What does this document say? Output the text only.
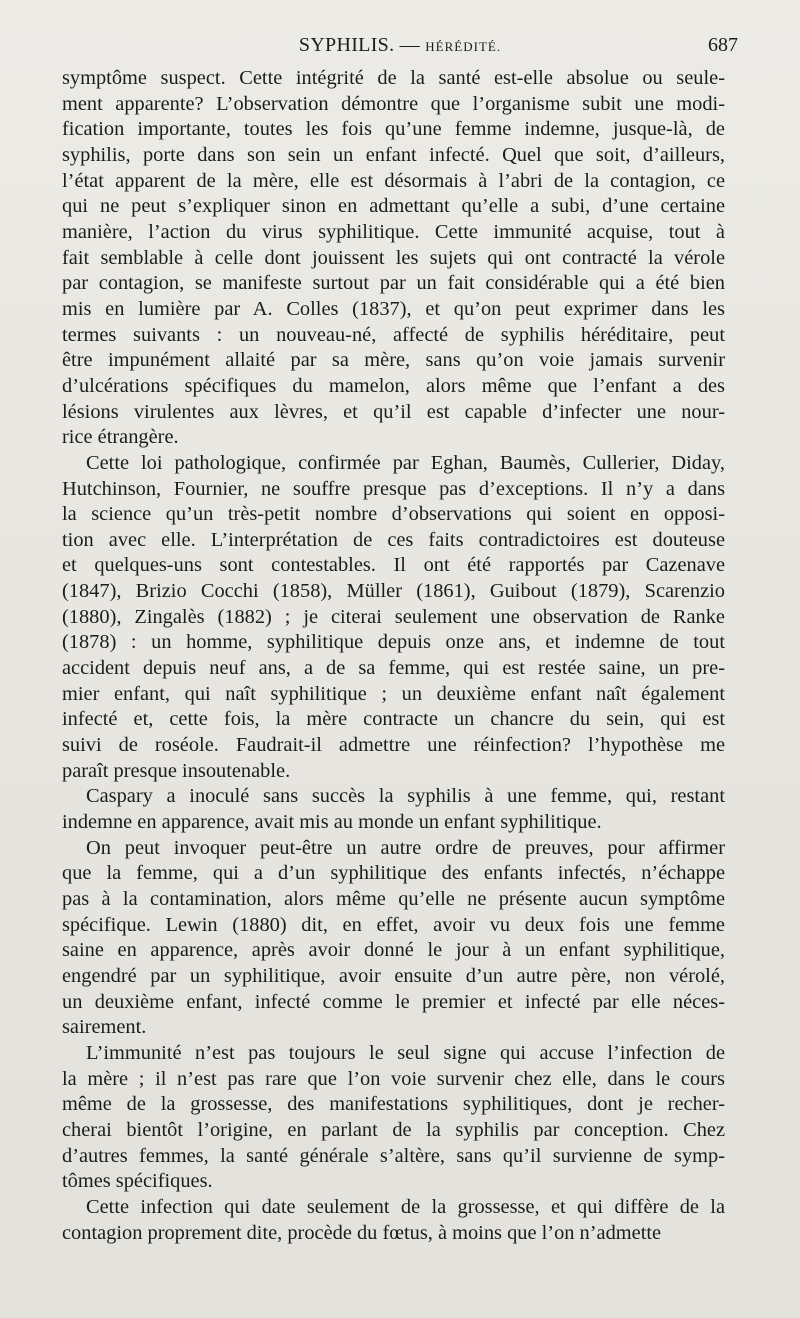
SYPHILIS. — HÉRÉDITÉ.	687
symptôme suspect. Cette intégrité de la santé est-elle absolue ou seule-
ment apparente? L’observation démontre que l’organisme subit une modi-
fication importante, toutes les fois qu’une femme indemne, jusque-là, de
syphilis, porte dans son sein un enfant infecté. Quel que soit, d’ailleurs,
l’état apparent de la mère, elle est désormais à l’abri de la contagion, ce
qui ne peut s’expliquer sinon en admettant qu’elle a subi, d’une certaine
manière, l’action du virus syphilitique. Cette immunité acquise, tout à
fait semblable à celle dont jouissent les sujets qui ont contracté la vérole
par contagion, se manifeste surtout par un fait considérable qui a été bien
mis en lumière par A. Colles (1837), et qu’on peut exprimer dans les
termes suivants : un nouveau-né, affecté de syphilis héréditaire, peut
être impunément allaité par sa mère, sans qu’on voie jamais survenir
d’ulcérations spécifiques du mamelon, alors même que l’enfant a des
lésions virulentes aux lèvres, et qu’il est capable d’infecter une nour-
rice étrangère.
Cette loi pathologique, confirmée par Eghan, Baumès, Cullerier, Diday,
Hutchinson, Fournier, ne souffre presque pas d’exceptions. Il n’y a dans
la science qu’un très-petit nombre d’observations qui soient en opposi-
tion avec elle. L’interprétation de ces faits contradictoires est douteuse
et quelques-uns sont contestables. Il ont été rapportés par Cazenave
(1847), Brizio Cocchi (1858), Müller (1861), Guibout (1879), Scarenzio
(1880), Zingalès (1882) ; je citerai seulement une observation de Ranke
(1878) : un homme, syphilitique depuis onze ans, et indemne de tout
accident depuis neuf ans, a de sa femme, qui est restée saine, un pre-
mier enfant, qui naît syphilitique ; un deuxième enfant naît également
infecté et, cette fois, la mère contracte un chancre du sein, qui est
suivi de roséole. Faudrait-il admettre une réinfection? l’hypothèse me
paraît presque insoutenable.
Caspary a inoculé sans succès la syphilis à une femme, qui, restant
indemne en apparence, avait mis au monde un enfant syphilitique.
On peut invoquer peut-être un autre ordre de preuves, pour affirmer
que la femme, qui a d’un syphilitique des enfants infectés, n’échappe
pas à la contamination, alors même qu’elle ne présente aucun symptôme
spécifique. Lewin (1880) dit, en effet, avoir vu deux fois une femme
saine en apparence, après avoir donné le jour à un enfant syphilitique,
engendré par un syphilitique, avoir ensuite d’un autre père, non vérolé,
un deuxième enfant, infecté comme le premier et infecté par elle néces-
sairement.
L’immunité n’est pas toujours le seul signe qui accuse l’infection de
la mère ; il n’est pas rare que l’on voie survenir chez elle, dans le cours
même de la grossesse, des manifestations syphilitiques, dont je recher-
cherai bientôt l’origine, en parlant de la syphilis par conception. Chez
d’autres femmes, la santé générale s’altère, sans qu’il survienne de symp-
tômes spécifiques.
Cette infection qui date seulement de la grossesse, et qui diffère de la
contagion proprement dite, procède du fœtus, à moins que l’on n’admette
